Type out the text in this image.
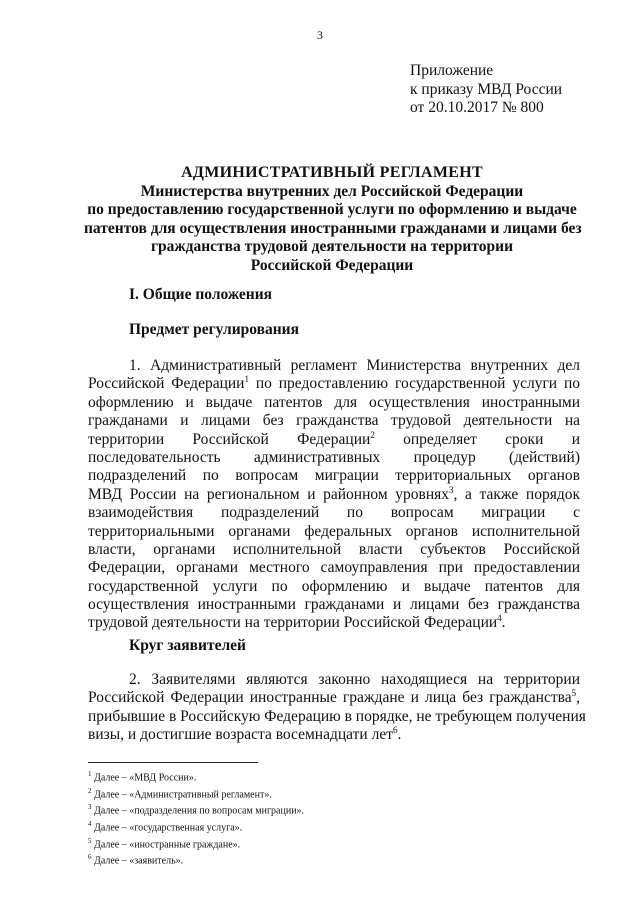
3
Приложение
к приказу МВД России
от 20.10.2017 № 800
АДМИНИСТРАТИВНЫЙ РЕГЛАМЕНТ
Министерства внутренних дел Российской Федерации
по предоставлению государственной услуги по оформлению и выдаче
патентов для осуществления иностранными гражданами и лицами без
гражданства трудовой деятельности на территории
Российской Федерации
I. Общие положения
Предмет регулирования
1. Административный регламент Министерства внутренних дел
Российской Федерации$^1$ по предоставлению государственной услуги по
оформлению и выдаче патентов для осуществления иностранными
гражданами и лицами без гражданства трудовой деятельности на
территории Российской Федерации$^2$ определяет сроки и
последовательность административных процедур (действий)
подразделений по вопросам миграции территориальных органов
МВД России на региональном и районном уровнях$^3$, а также порядок
взаимодействия подразделений по вопросам миграции с
территориальными органами федеральных органов исполнительной
власти, органами исполнительной власти субъектов Российской
Федерации, органами местного самоуправления при предоставлении
государственной услуги по оформлению и выдаче патентов для
осуществления иностранными гражданами и лицами без гражданства
трудовой деятельности на территории Российской Федерации$^4$.
Круг заявителей
2. Заявителями являются законно находящиеся на территории
Российской Федерации иностранные граждане и лица без гражданства$^5$,
прибывшие в Российскую Федерацию в порядке, не требующем получения
визы, и достигшие возраста восемнадцати лет$^6$.
$^1$ Далее – «МВД России».
$^2$ Далее – «Административный регламент».
$^3$ Далее – «подразделения по вопросам миграции».
$^4$ Далее – «государственная услуга».
$^5$ Далее – «иностранные граждане».
$^6$ Далее – «заявитель».
